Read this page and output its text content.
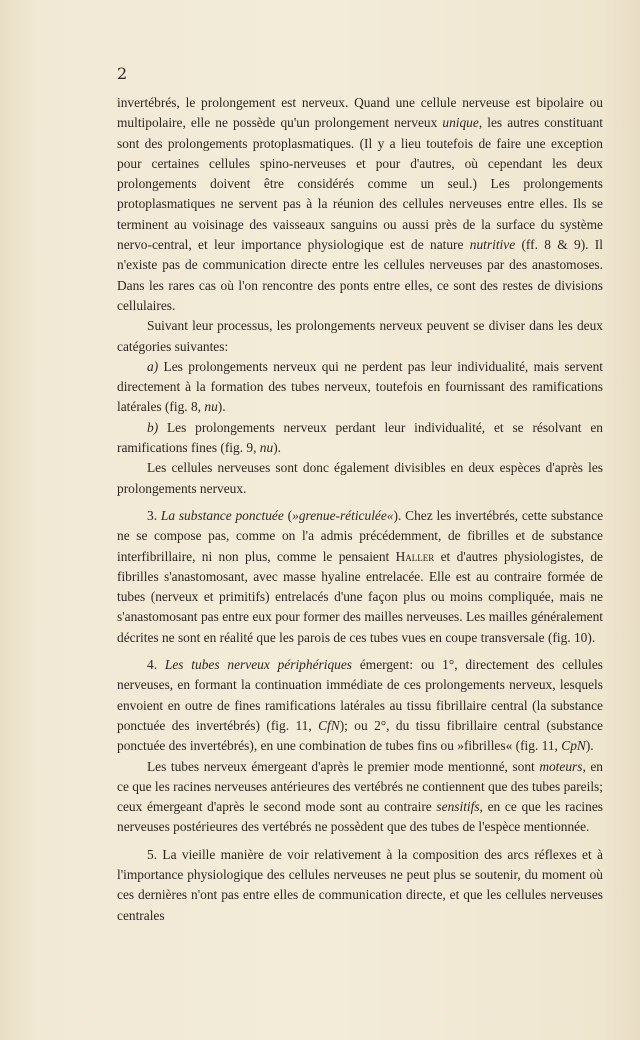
2

invertébrés, le prolongement est nerveux. Quand une cellule nerveuse est bipolaire ou multipolaire, elle ne possède qu'un prolongement nerveux unique, les autres constituant sont des prolongements protoplasmatiques. (Il y a lieu toutefois de faire une exception pour certaines cellules spino-nerveuses et pour d'autres, où cependant les deux prolongements doivent être considérés comme un seul.) Les prolongements protoplasmatiques ne servent pas à la réunion des cellules nerveuses entre elles. Ils se terminent au voisinage des vaisseaux sanguins ou aussi près de la surface du système nervo-central, et leur importance physiologique est de nature nutritive (ff. 8 & 9). Il n'existe pas de communication directe entre les cellules nerveuses par des anastomoses. Dans les rares cas où l'on rencontre des ponts entre elles, ce sont des restes de divisions cellulaires.

Suivant leur processus, les prolongements nerveux peuvent se diviser dans les deux catégories suivantes:

a) Les prolongements nerveux qui ne perdent pas leur individualité, mais servent directement à la formation des tubes nerveux, toutefois en fournissant des ramifications latérales (fig. 8, nu).

b) Les prolongements nerveux perdant leur individualité, et se résolvant en ramifications fines (fig. 9, nu).

Les cellules nerveuses sont donc également divisibles en deux espèces d'après les prolongements nerveux.

3. La substance ponctuée (»grenue-réticulée«). Chez les invertébrés, cette substance ne se compose pas, comme on l'a admis précédemment, de fibrilles et de substance interfibrillaire, ni non plus, comme le pensaient Haller et d'autres physiologistes, de fibrilles s'anastomosant, avec masse hyaline entrelacée. Elle est au contraire formée de tubes (nerveux et primitifs) entrelacés d'une façon plus ou moins compliquée, mais ne s'anastomosant pas entre eux pour former des mailles nerveuses. Les mailles généralement décrites ne sont en réalité que les parois de ces tubes vues en coupe transversale (fig. 10).

4. Les tubes nerveux périphériques émergent: ou 1°, directement des cellules nerveuses, en formant la continuation immédiate de ces prolongements nerveux, lesquels envoient en outre de fines ramifications latérales au tissu fibrillaire central (la substance ponctuée des invertébrés) (fig. 11, CfN); ou 2°, du tissu fibrillaire central (substance ponctuée des invertébrés), en une combination de tubes fins ou »fibrilles« (fig. 11, CpN).

Les tubes nerveux émergeant d'après le premier mode mentionné, sont moteurs, en ce que les racines nerveuses antérieures des vertébrés ne contiennent que des tubes pareils; ceux émergeant d'après le second mode sont au contraire sensitifs, en ce que les racines nerveuses postérieures des vertébrés ne possèdent que des tubes de l'espèce mentionnée.

5. La vieille manière de voir relativement à la composition des arcs réflexes et à l'importance physiologique des cellules nerveuses ne peut plus se soutenir, du moment où ces dernières n'ont pas entre elles de communication directe, et que les cellules nerveuses centrales
